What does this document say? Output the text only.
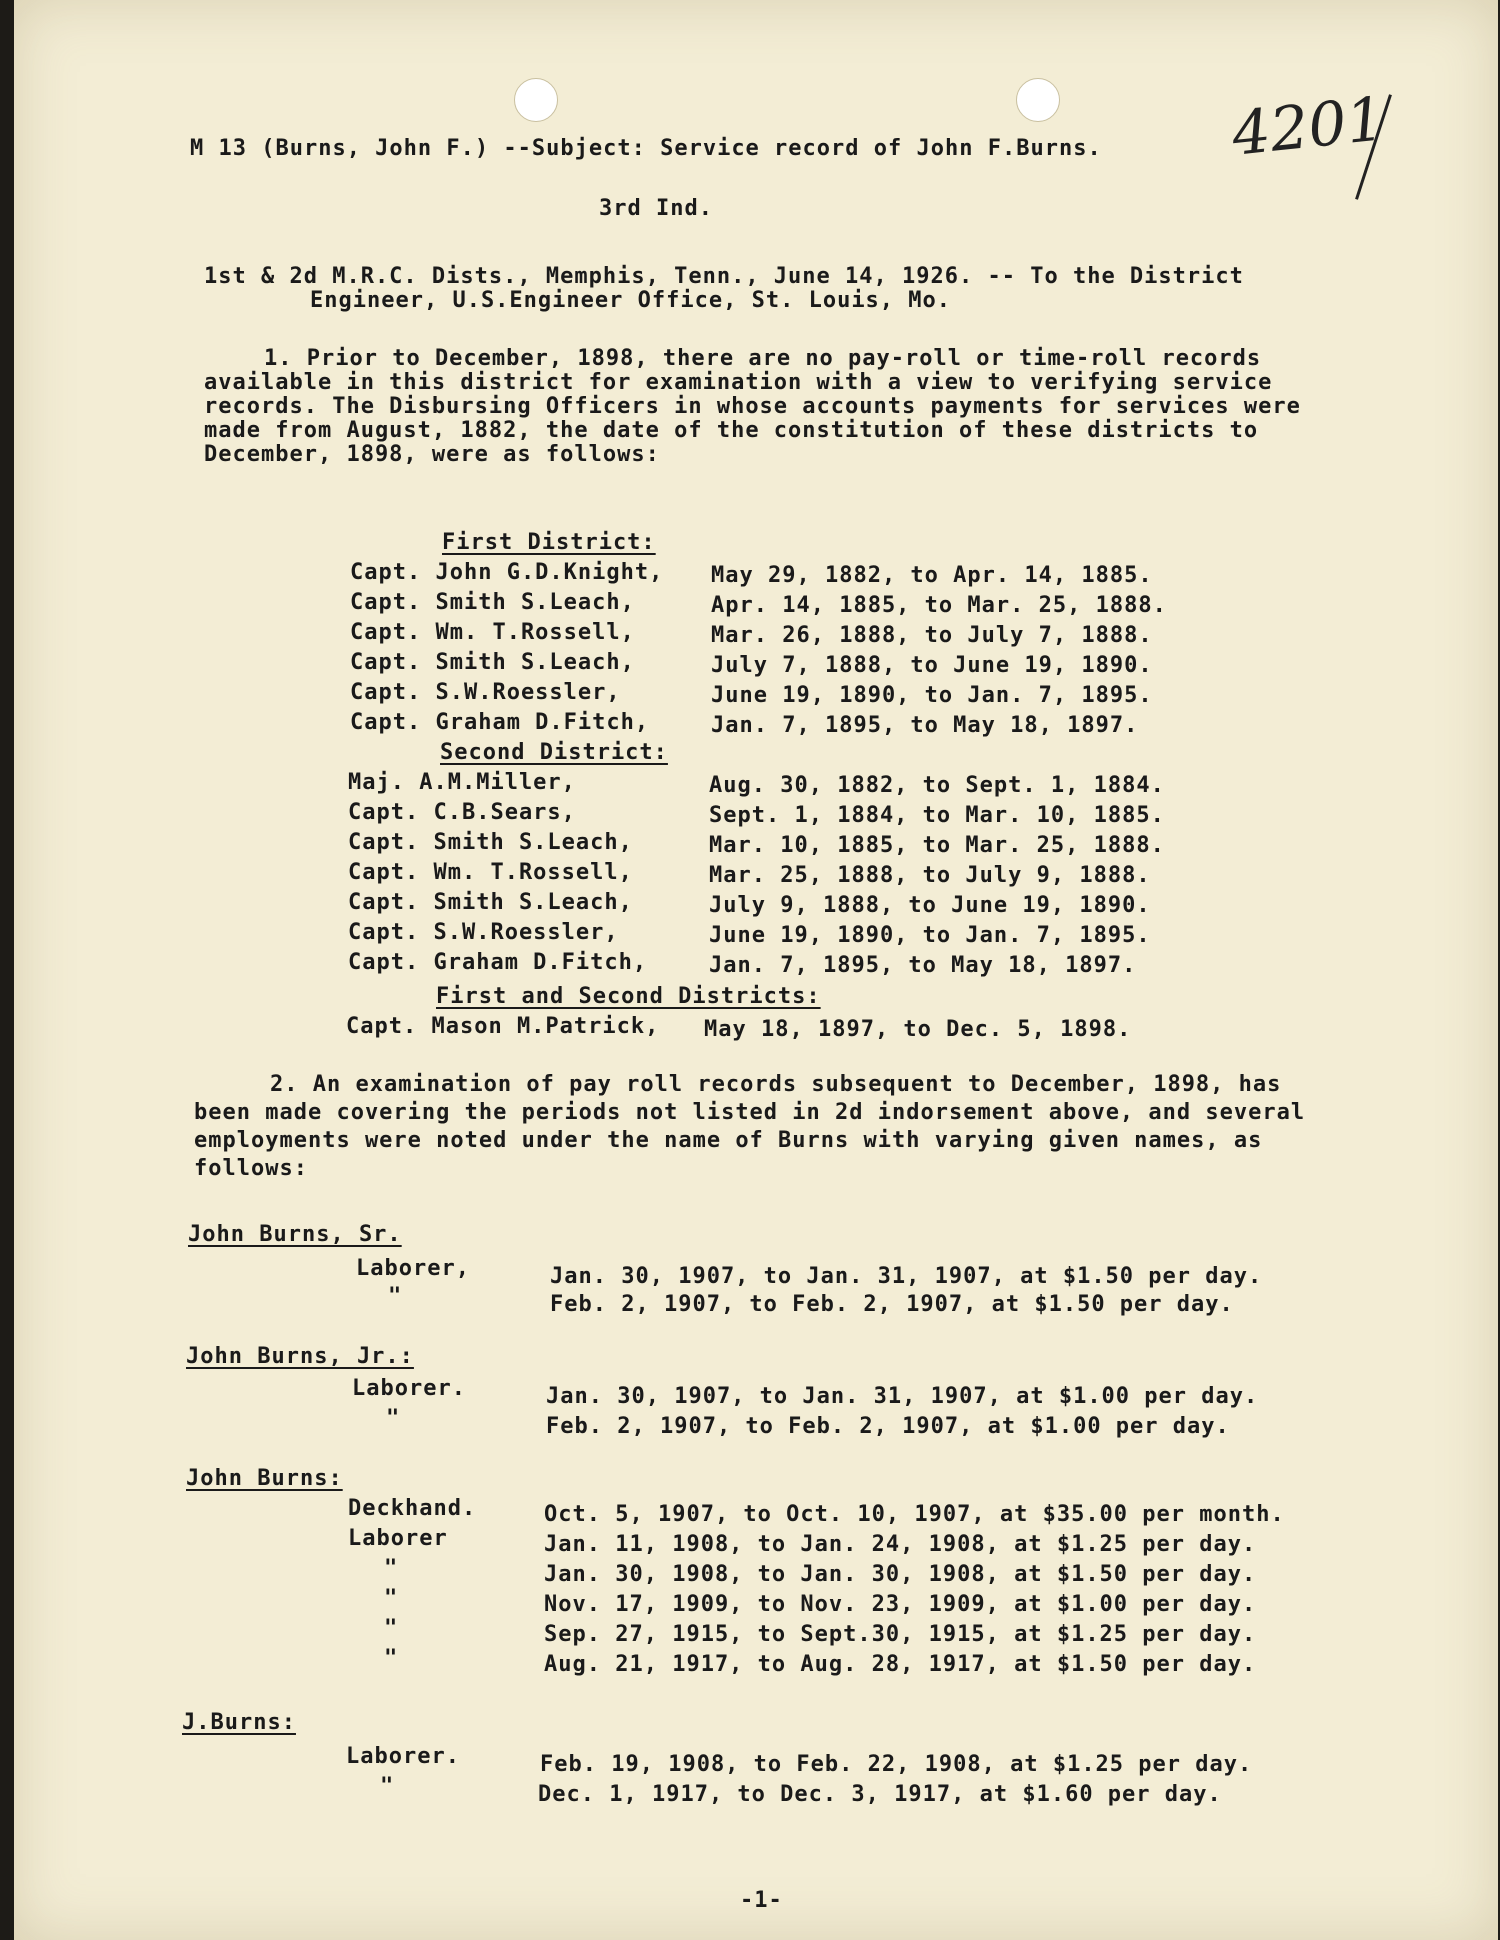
4201
M 13 (Burns, John F.) --Subject: Service record of John F.Burns.
3rd Ind.
1st & 2d M.R.C. Dists., Memphis, Tenn., June 14, 1926. -- To the District
Engineer, U.S.Engineer Office, St. Louis, Mo.
1. Prior to December, 1898, there are no pay-roll or time-roll records
available in this district for examination with a view to verifying service
records. The Disbursing Officers in whose accounts payments for services were
made from August, 1882, the date of the constitution of these districts to
December, 1898, were as follows:
First District:
Capt. John G.D.Knight, May 29, 1882, to Apr. 14, 1885.
Capt. Smith S.Leach,	Apr. 14, 1885, to Mar. 25, 1888.
Capt. Wm. T.Rossell,	Mar. 26, 1888, to July 7, 1888.
Capt. Smith S.Leach,	July 7, 1888, to June 19, 1890.
Capt. S.W.Roessler,	June 19, 1890, to Jan. 7, 1895.
Capt. Graham D.Fitch,	Jan. 7, 1895, to May 18, 1897.
Second District:
Maj. A.M.Miller,	Aug. 30, 1882, to Sept. 1, 1884.
Capt. C.B.Sears,	Sept. 1, 1884, to Mar. 10, 1885.
Capt. Smith S.Leach,	Mar. 10, 1885, to Mar. 25, 1888.
Capt. Wm. T.Rossell,	Mar. 25, 1888, to July 9, 1888.
Capt. Smith S.Leach,	July 9, 1888, to June 19, 1890.
Capt. S.W.Roessler,	June 19, 1890, to Jan. 7, 1895.
Capt. Graham D.Fitch,	Jan. 7, 1895, to May 18, 1897.
First and Second Districts:
Capt. Mason M.Patrick, May 18, 1897, to Dec. 5, 1898.
2. An examination of pay roll records subsequent to December, 1898, has
been made covering the periods not listed in 2d indorsement above, and several
employments were noted under the name of Burns with varying given names, as
follows:
John Burns, Sr.
Laborer,	Jan. 30, 1907, to Jan. 31, 1907, at $1.50 per day.
"	Feb. 2, 1907, to Feb. 2, 1907, at $1.50 per day.
John Burns, Jr.:
Laborer.	Jan. 30, 1907, to Jan. 31, 1907, at $1.00 per day.
"	Feb. 2, 1907, to Feb. 2, 1907, at $1.00 per day.
John Burns:
Deckhand.	Oct. 5, 1907, to Oct. 10, 1907, at $35.00 per month.
Laborer	Jan. 11, 1908, to Jan. 24, 1908, at $1.25 per day.
"	Jan. 30, 1908, to Jan. 30, 1908, at $1.50 per day.
"	Nov. 17, 1909, to Nov. 23, 1909, at $1.00 per day.
"	Sep. 27, 1915, to Sept.30, 1915, at $1.25 per day.
"	Aug. 21, 1917, to Aug. 28, 1917, at $1.50 per day.
J.Burns:
Laborer.	Feb. 19, 1908, to Feb. 22, 1908, at $1.25 per day.
"	Dec. 1, 1917, to Dec. 3, 1917, at $1.60 per day.
-1-
